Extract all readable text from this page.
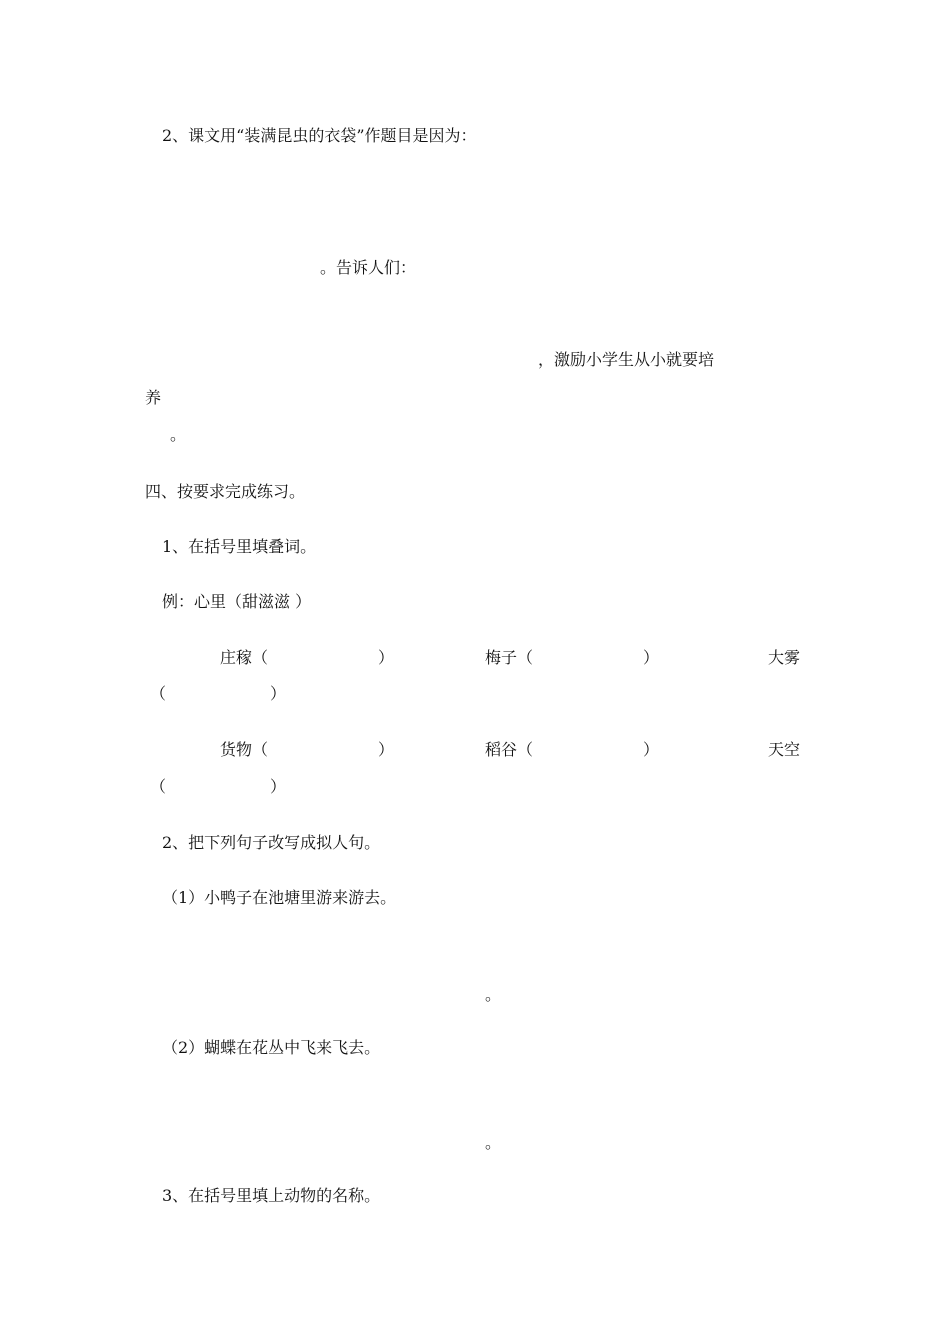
2、课文用“装满昆虫的衣袋”作题目是因为：
。告诉人们：
，激励小学生从小就要培
养
。
四、按要求完成练习。
1、在括号里填叠词。
例：心里（甜滋滋 ）
庄稼（	）	梅子（	）	大雾
（	）
货物（	）	稻谷（	）	天空
（	）
2、把下列句子改写成拟人句。
（1）小鸭子在池塘里游来游去。
。
（2）蝴蝶在花丛中飞来飞去。
。
3、在括号里填上动物的名称。
